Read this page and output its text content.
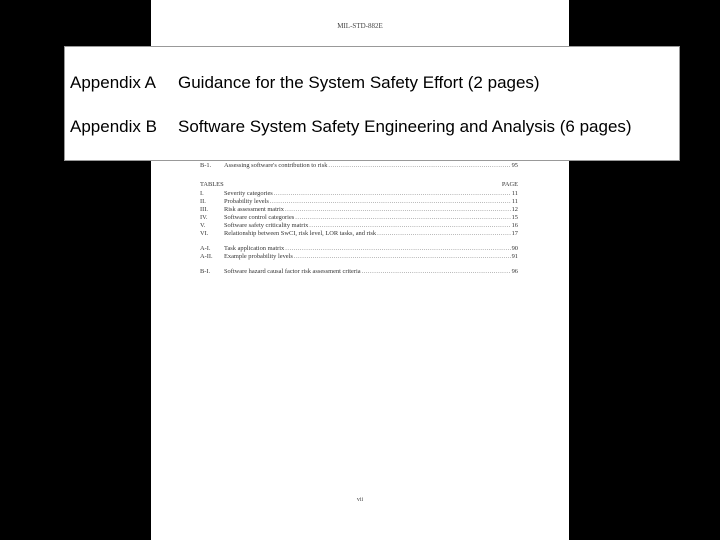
MIL-STD-882E
B-1.	Assessing software's contribution to risk .....	95
TABLES	PAGE
I.	Severity categories .....	11
II.	Probability levels .....	11
III.	Risk assessment matrix .....	12
IV.	Software control categories .....	15
V.	Software safety criticality matrix .....	16
VI.	Relationship between SwCI, risk level, LOR tasks, and risk .....	17
A-I.	Task application matrix .....	90
A-II.	Example probability levels .....	91
B-I.	Software hazard causal factor risk assessment criteria .....	96
vii
Appendix A Guidance for the System Safety Effort (2 pages)
Appendix B Software System Safety Engineering and Analysis (6 pages)
